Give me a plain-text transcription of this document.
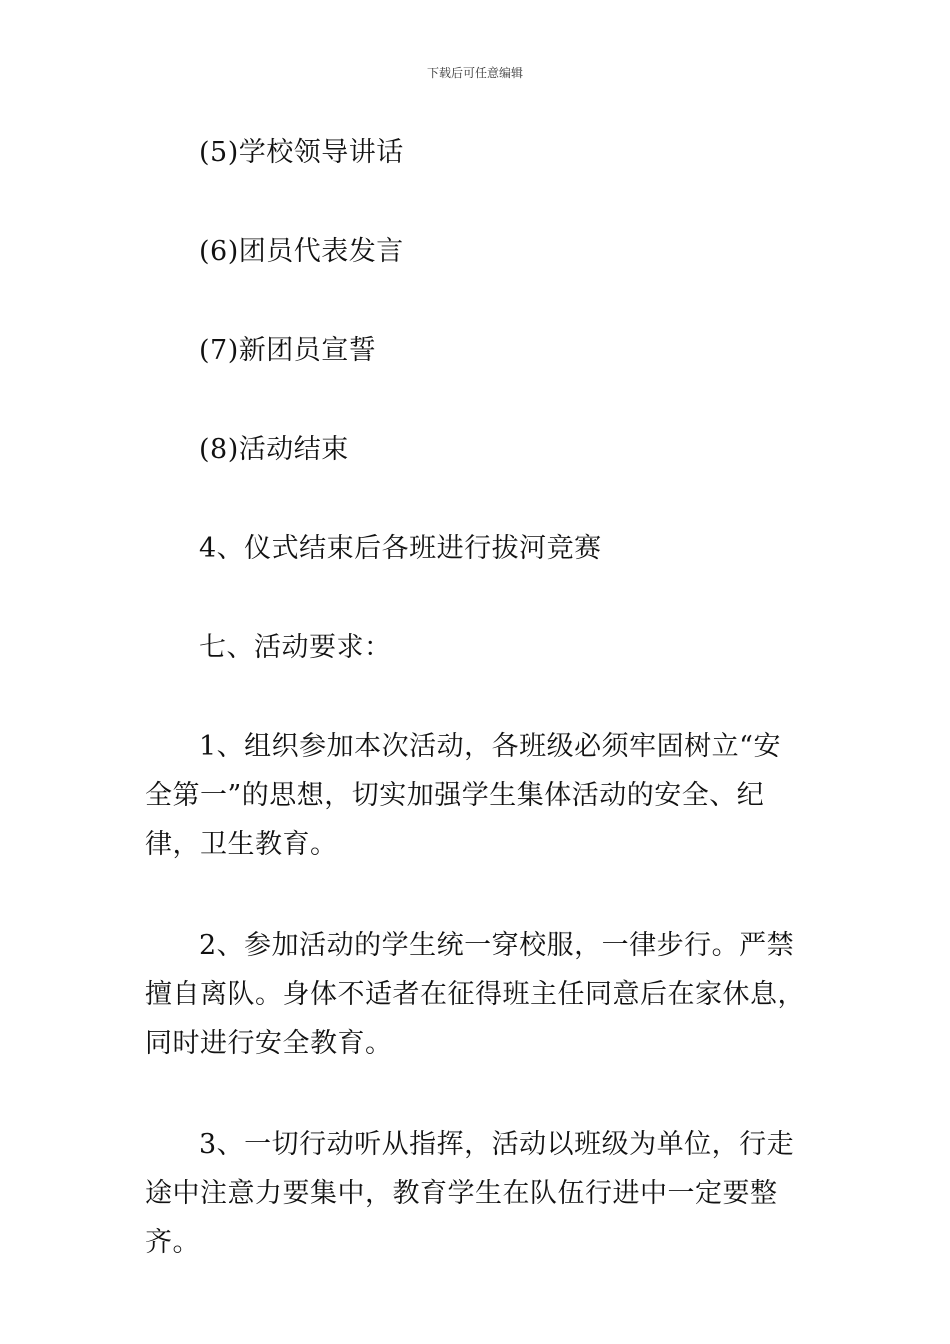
下载后可任意编辑

(5)学校领导讲话

(6)团员代表发言

(7)新团员宣誓

(8)活动结束

4、仪式结束后各班进行拔河竞赛

七、活动要求：

1、组织参加本次活动，各班级必须牢固树立“安全第一”的思想，切实加强学生集体活动的安全、纪律，卫生教育。

2、参加活动的学生统一穿校服，一律步行。严禁擅自离队。身体不适者在征得班主任同意后在家休息，同时进行安全教育。

3、一切行动听从指挥，活动以班级为单位，行走途中注意力要集中，教育学生在队伍行进中一定要整齐。
